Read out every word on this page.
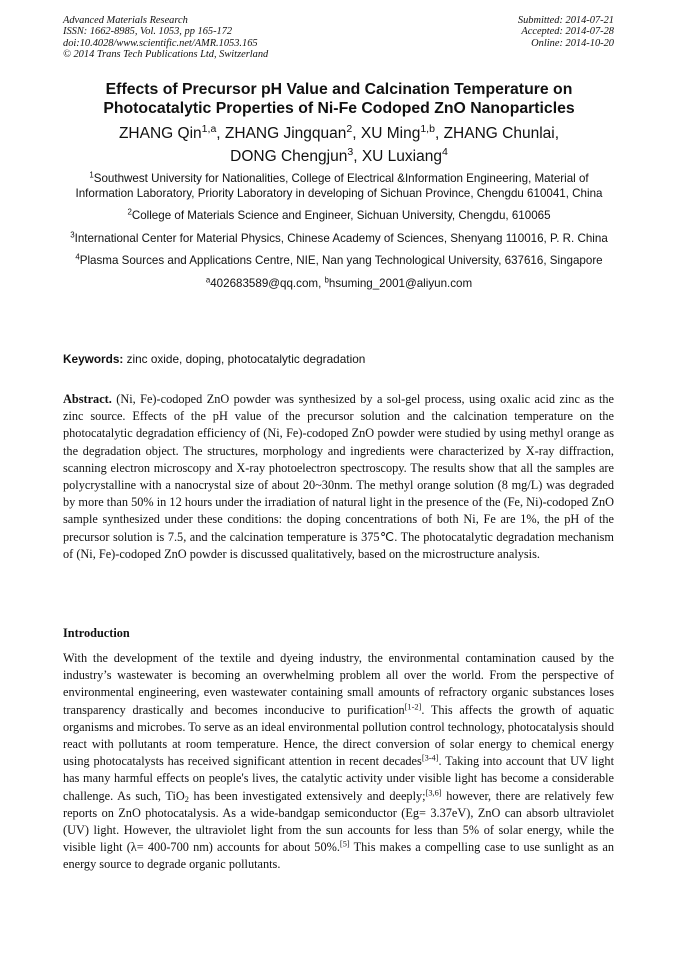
Advanced Materials Research
ISSN: 1662-8985, Vol. 1053, pp 165-172
doi:10.4028/www.scientific.net/AMR.1053.165
© 2014 Trans Tech Publications Ltd, Switzerland
Submitted: 2014-07-21
Accepted: 2014-07-28
Online: 2014-10-20
Effects of Precursor pH Value and Calcination Temperature on
Photocatalytic Properties of Ni-Fe Codoped ZnO Nanoparticles
ZHANG Qin$^{1,a}$, ZHANG Jingquan$^2$, XU Ming$^{1,b}$, ZHANG Chunlai,
DONG Chengjun$^3$, XU Luxiang$^4$
$^1$Southwest University for Nationalities, College of Electrical &Information Engineering, Material of Information Laboratory, Priority Laboratory in developing of Sichuan Province, Chengdu 610041, China
$^2$College of Materials Science and Engineer, Sichuan University, Chengdu, 610065
$^3$International Center for Material Physics, Chinese Academy of Sciences, Shenyang 110016, P. R. China
$^4$Plasma Sources and Applications Centre, NIE, Nan yang Technological University, 637616, Singapore
$^a$402683589@qq.com, $^b$hsuming_2001@aliyun.com
Keywords: zinc oxide, doping, photocatalytic degradation
Abstract. (Ni, Fe)-codoped ZnO powder was synthesized by a sol-gel process, using oxalic acid zinc as the zinc source. Effects of the pH value of the precursor solution and the calcination temperature on the photocatalytic degradation efficiency of (Ni, Fe)-codoped ZnO powder were studied by using methyl orange as the degradation object. The structures, morphology and ingredients were characterized by X-ray diffraction, scanning electron microscopy and X-ray photoelectron spectroscopy. The results show that all the samples are polycrystalline with a nanocrystal size of about 20~30nm. The methyl orange solution (8 mg/L) was degraded by more than 50% in 12 hours under the irradiation of natural light in the presence of the (Fe, Ni)-codoped ZnO sample synthesized under these conditions: the doping concentrations of both Ni, Fe are 1%, the pH of the precursor solution is 7.5, and the calcination temperature is 375℃. The photocatalytic degradation mechanism of (Ni, Fe)-codoped ZnO powder is discussed qualitatively, based on the microstructure analysis.
Introduction
With the development of the textile and dyeing industry, the environmental contamination caused by the industry’s wastewater is becoming an overwhelming problem all over the world. From the perspective of environmental engineering, even wastewater containing small amounts of refractory organic substances loses transparency drastically and becomes inconducive to purification[1-2]. This affects the growth of aquatic organisms and microbes. To serve as an ideal environmental pollution control technology, photocatalysis should react with pollutants at room temperature. Hence, the direct conversion of solar energy to chemical energy using photocatalysts has received significant attention in recent decades[3-4]. Taking into account that UV light has many harmful effects on people's lives, the catalytic activity under visible light has become a considerable challenge. As such, TiO$_2$ has been investigated extensively and deeply;[3,6] however, there are relatively few reports on ZnO photocatalysis. As a wide-bandgap semiconductor (Eg= 3.37eV), ZnO can absorb ultraviolet (UV) light. However, the ultraviolet light from the sun accounts for less than 5% of solar energy, while the visible light (λ= 400-700 nm) accounts for about 50%.[5] This makes a compelling case to use sunlight as an energy source to degrade organic pollutants.
